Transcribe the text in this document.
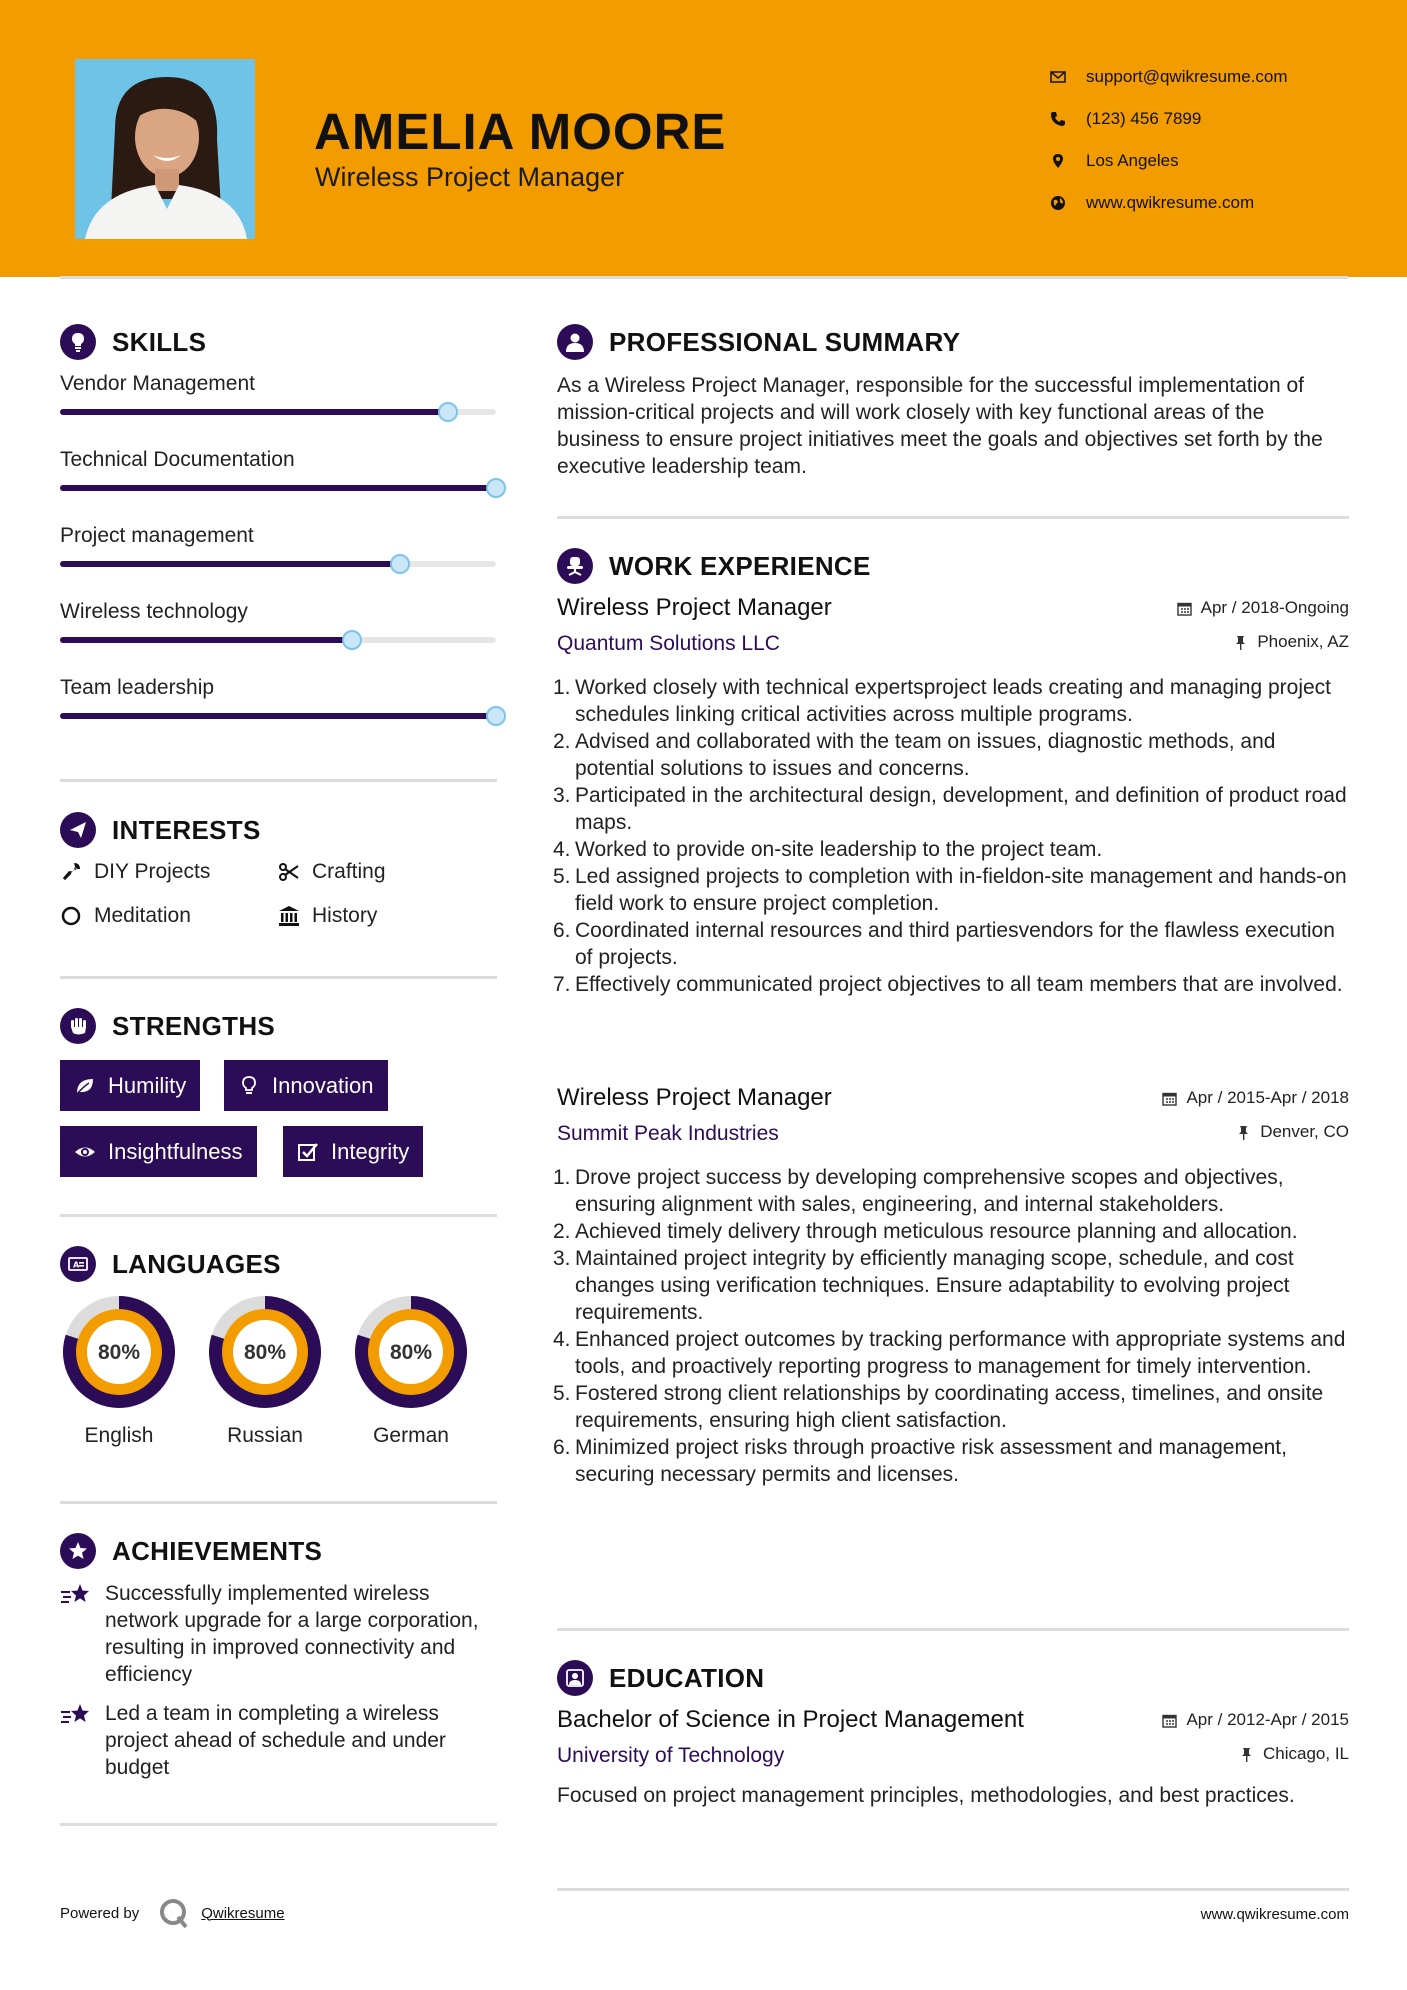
AMELIA MOORE
Wireless Project Manager
support@qwikresume.com
(123) 456 7899
Los Angeles
www.qwikresume.com
SKILLS
Vendor Management
Technical Documentation
Project management
Wireless technology
Team leadership
INTERESTS
DIY Projects	Crafting
Meditation	History
STRENGTHS
Humility	Innovation
Insightfulness	Integrity
A LANGUAGES
80%
English
80%
Russian
80%
German
ACHIEVEMENTS
Successfully implemented wireless network upgrade for a large corporation, resulting in improved connectivity and efficiency
Led a team in completing a wireless project ahead of schedule and under budget
PROFESSIONAL SUMMARY
As a Wireless Project Manager, responsible for the successful implementation of mission-critical projects and will work closely with key functional areas of the business to ensure project initiatives meet the goals and objectives set forth by the executive leadership team.
WORK EXPERIENCE
Wireless Project Manager
Quantum Solutions LLC
Apr / 2018-Ongoing
Phoenix, AZ
1. Worked closely with technical expertsproject leads creating and managing project schedules linking critical activities across multiple programs.
2. Advised and collaborated with the team on issues, diagnostic methods, and potential solutions to issues and concerns.
3. Participated in the architectural design, development, and definition of product road maps.
4. Worked to provide on-site leadership to the project team.
5. Led assigned projects to completion with in-fieldon-site management and hands-on field work to ensure project completion.
6. Coordinated internal resources and third partiesvendors for the flawless execution of projects.
7. Effectively communicated project objectives to all team members that are involved.
Wireless Project Manager
Summit Peak Industries
Apr / 2015-Apr / 2018
Denver, CO
1. Drove project success by developing comprehensive scopes and objectives, ensuring alignment with sales, engineering, and internal stakeholders.
2. Achieved timely delivery through meticulous resource planning and allocation.
3. Maintained project integrity by efficiently managing scope, schedule, and cost changes using verification techniques. Ensure adaptability to evolving project requirements.
4. Enhanced project outcomes by tracking performance with appropriate systems and tools, and proactively reporting progress to management for timely intervention.
5. Fostered strong client relationships by coordinating access, timelines, and onsite requirements, ensuring high client satisfaction.
6. Minimized project risks through proactive risk assessment and management, securing necessary permits and licenses.
EDUCATION
Bachelor of Science in Project Management
University of Technology
Apr / 2012-Apr / 2015
Chicago, IL
Focused on project management principles, methodologies, and best practices.
Powered by	Qwikresume	www.qwikresume.com
